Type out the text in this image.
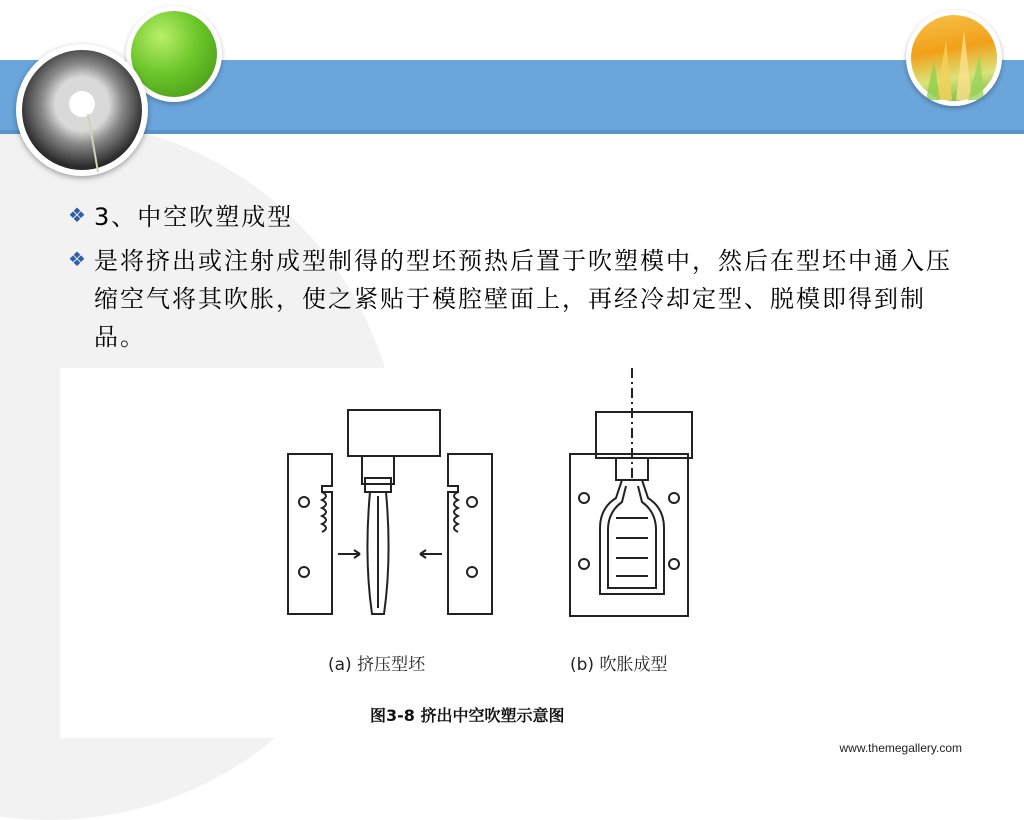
❖ 3、中空吹塑成型
❖ 是将挤出或注射成型制得的型坯预热后置于吹塑模中，然后在型坯中通入压缩空气将其吹胀，使之紧贴于模腔壁面上，再经冷却定型、脱模即得到制品。
(a) 挤压型坯	(b) 吹胀成型
图3-8 挤出中空吹塑示意图
www.themegallery.com
